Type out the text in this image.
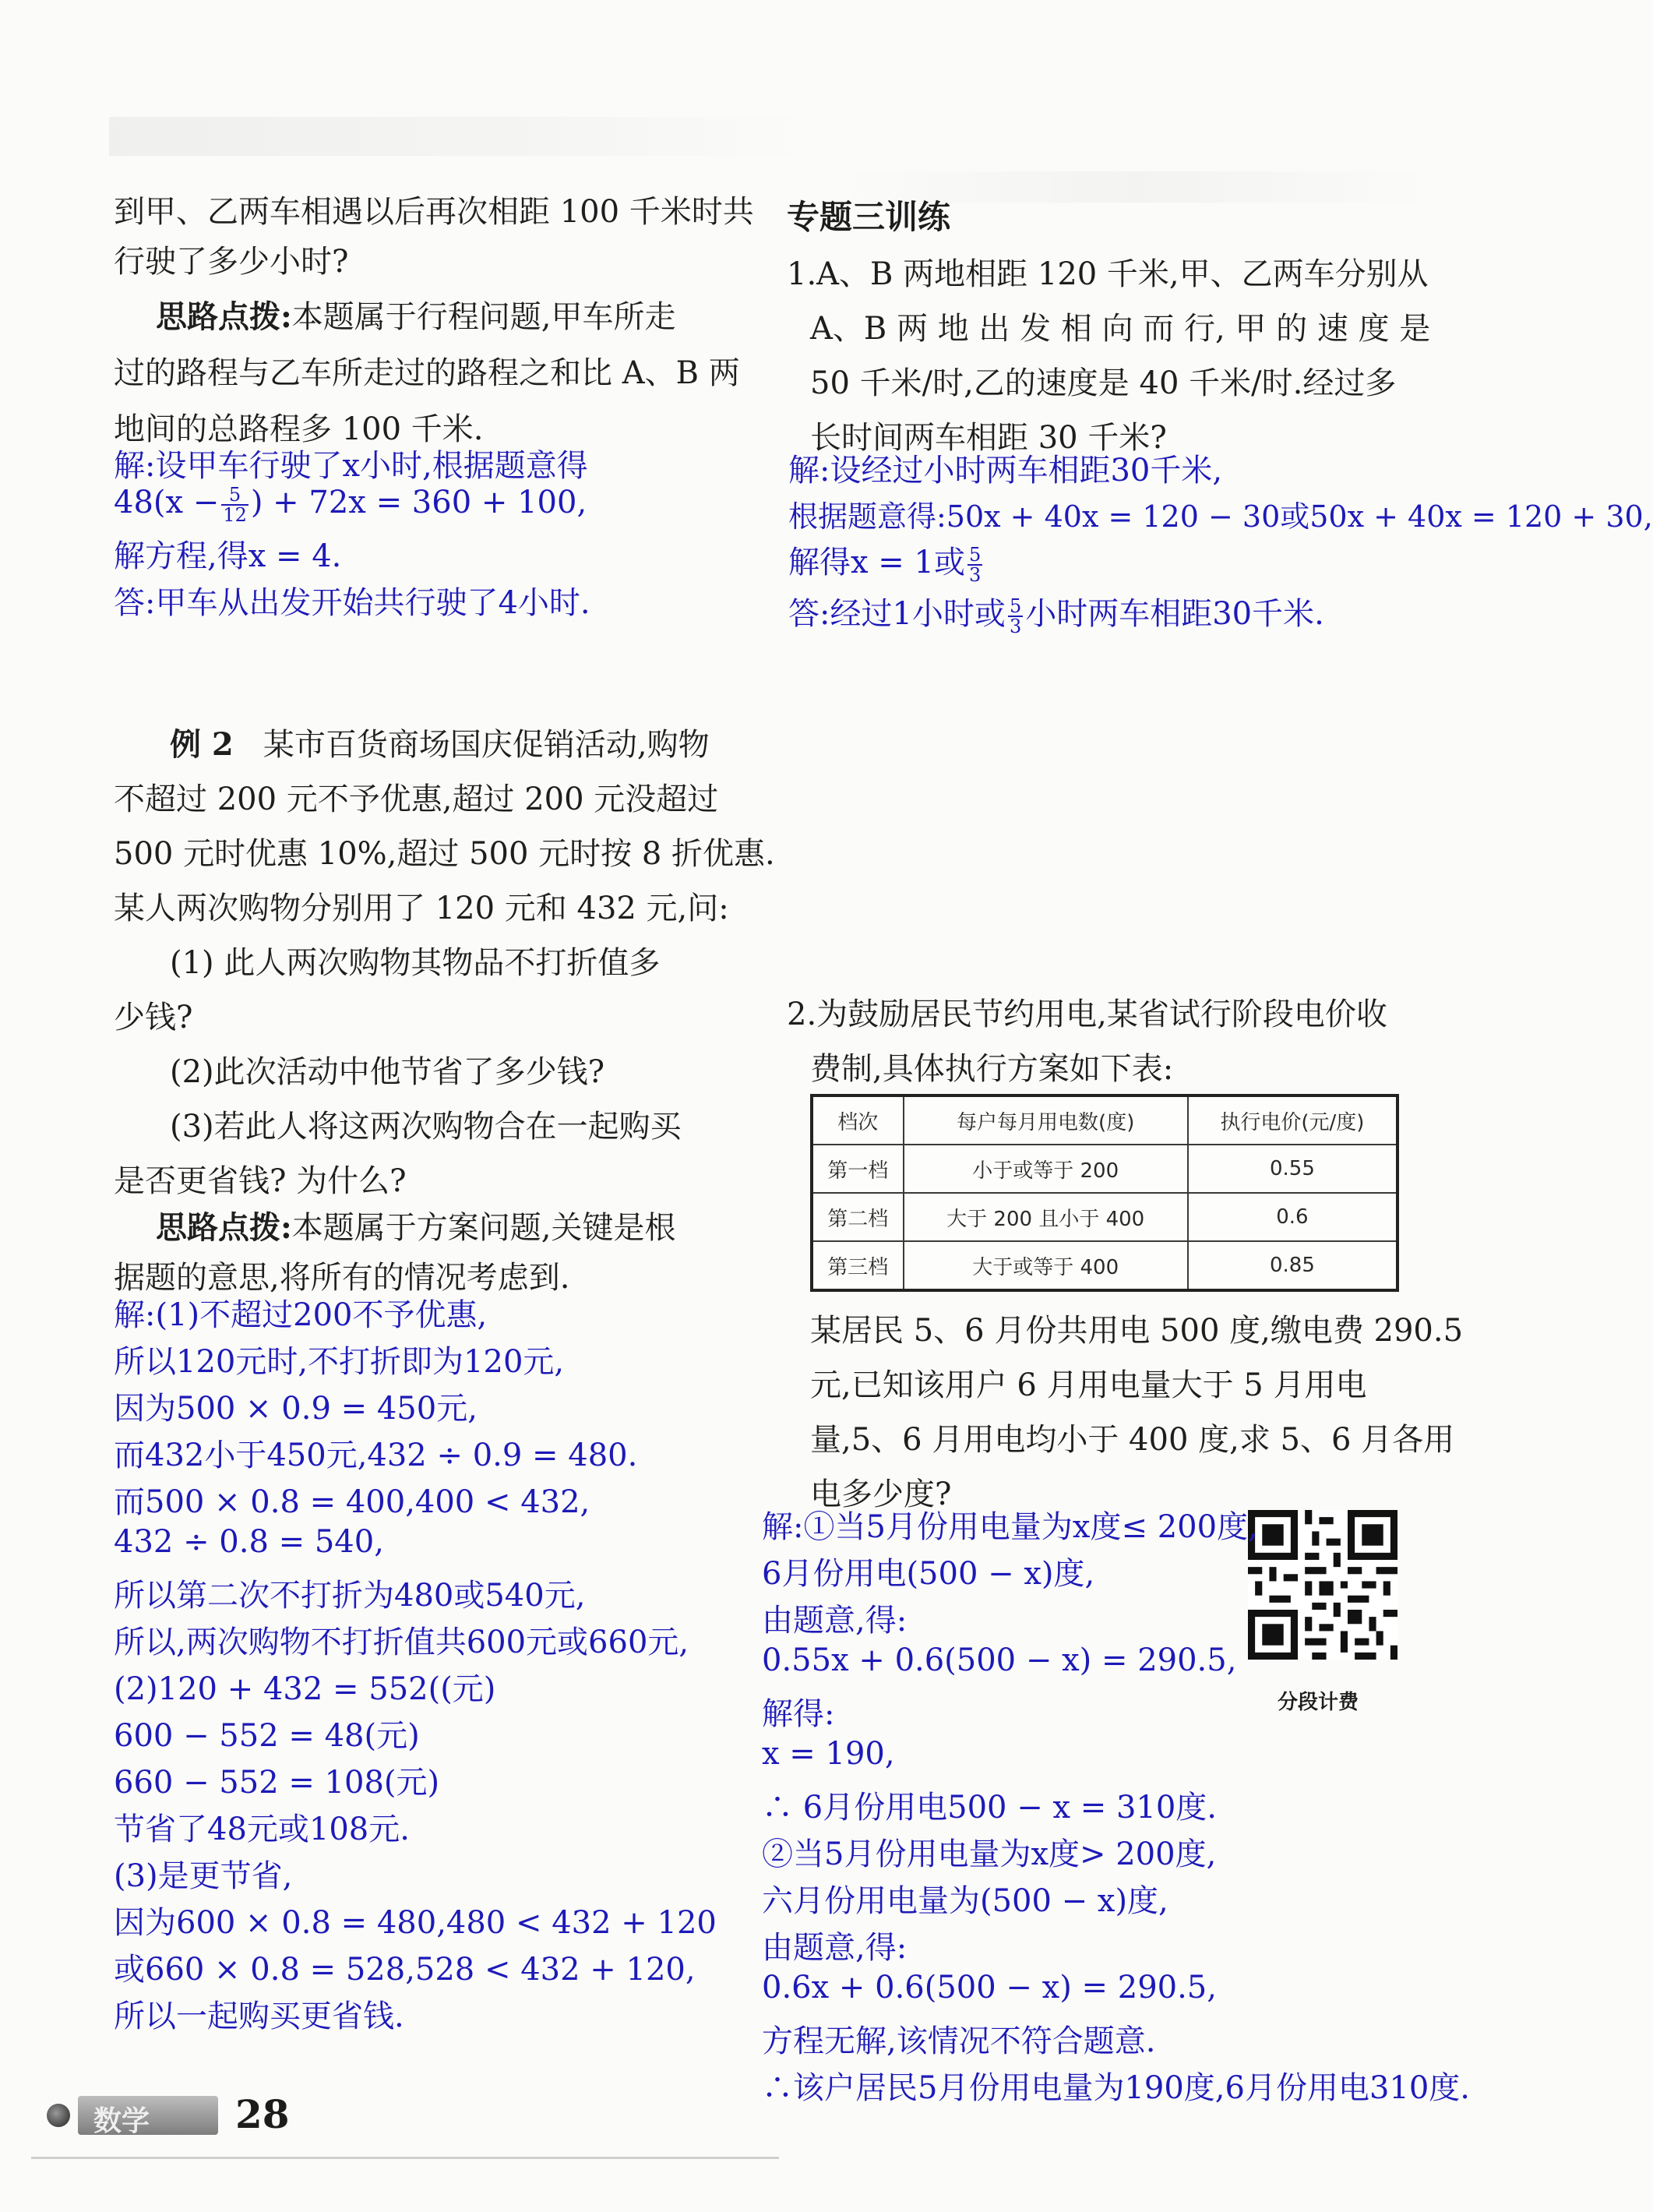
到甲、乙两车相遇以后再次相距 100 千米时共
行驶了多少小时?
思路点拨:本题属于行程问题,甲车所走
过的路程与乙车所走过的路程之和比 A、B 两
地间的总路程多 100 千米.
解:设甲车行驶了x小时,根据题意得
$48(x - \frac{5}{12}$ ) + 72x = 360 + 100,
解方程,得x = 4.
答:甲车从出发开始共行驶了4小时.
例 2 某市百货商场国庆促销活动,购物
不超过 200 元不予优惠,超过 200 元没超过
500 元时优惠 10%,超过 500 元时按 8 折优惠.
某人两次购物分别用了 120 元和 432 元,问:
(1) 此人两次购物其物品不打折值多
少钱?
(2)此次活动中他节省了多少钱?
(3)若此人将这两次购物合在一起购买
是否更省钱? 为什么?
思路点拨:本题属于方案问题,关键是根
据题的意思,将所有的情况考虑到.
解:(1)不超过200不予优惠,
所以120元时,不打折即为120元,
因为500 × 0.9 = 450元,
而432小于450元,432 ÷ 0.9 = 480.
而500 × 0.8 = 400,400 < 432,
432 ÷ 0.8 = 540,
所以第二次不打折为480或540元,
所以,两次购物不打折值共600元或660元,
(2)120 + 432 = 552((元)
600 − 552 = 48(元)
660 − 552 = 108(元)
节省了48元或108元.
(3)是更节省,
因为600 × 0.8 = 480,480 < 432 + 120
或660 × 0.8 = 528,528 < 432 + 120,
所以一起购买更省钱.
专题三训练
1.A、B 两地相距 120 千米,甲、乙两车分别从
A、B 两 地 出 发 相 向 而 行, 甲 的 速 度 是
50 千米/时,乙的速度是 40 千米/时.经过多
长时间两车相距 30 千米?
解:设经过小时两车相距30千米,
根据题意得:50x + 40x = 120 − 30或50x + 40x = 120 + 30,
解得x = 1或 $\frac{5}{3}$
答:经过1小时或 $\frac{5}{3}$ 小时两车相距30千米.
2.为鼓励居民节约用电,某省试行阶段电价收
费制,具体执行方案如下表:
档次	每户每月用电数(度)	执行电价(元/度)
第一档	小于或等于 200	0.55
第二档	大于 200 且小于 400	0.6
第三档	大于或等于 400	0.85
某居民 5、6 月份共用电 500 度,缴电费 290.5
元,已知该用户 6 月用电量大于 5 月用电
量,5、6 月用电均小于 400 度,求 5、6 月各用
电多少度?
分段计费
解:①当5月份用电量为x度≤ 200度,
6月份用电(500 − x)度,
由题意,得:
0.55x + 0.6(500 − x) = 290.5,
解得:
x = 190,
∴ 6月份用电500 − x = 310度.
②当5月份用电量为x度> 200度,
六月份用电量为(500 − x)度,
由题意,得:
0.6x + 0.6(500 − x) = 290.5,
方程无解,该情况不符合题意.
∴该户居民5月份用电量为190度,6月份用电310度.
数学 28
